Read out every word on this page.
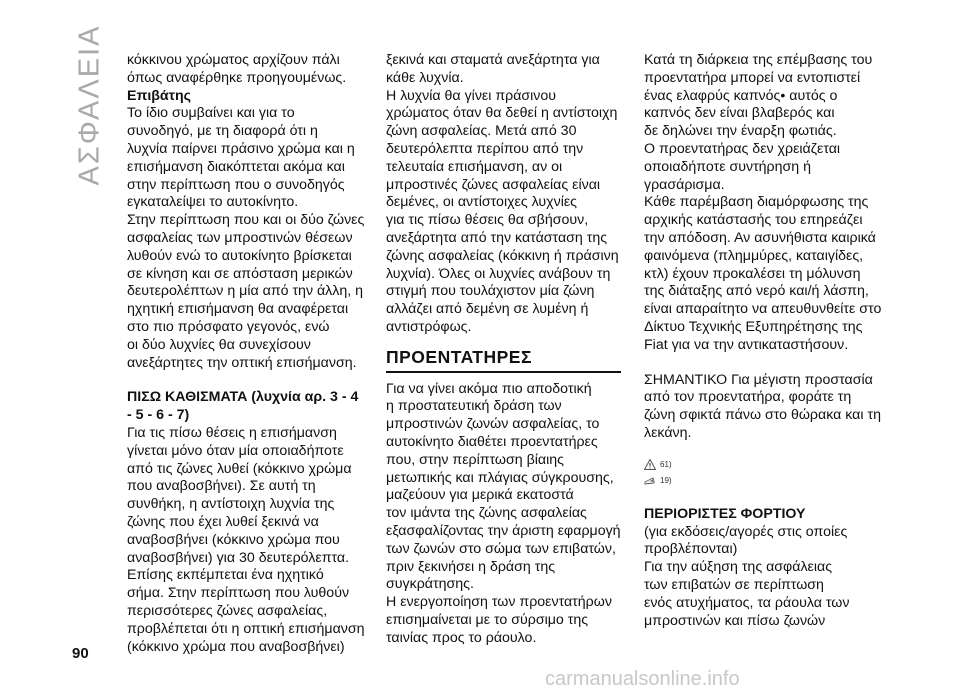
ΑΣΦΑΛΕΙΑ κόκκινου χρώματος αρχίζουν πάλι
όπως αναφέρθηκε προηγουμένως.

Επιβάτης

Το ίδιο συμβαίνει και για το
συνοδηγό, με τη διαφορά ότι η
λυχνία παίρνει πράσινο χρώμα και η
επισήμανση διακόπτεται ακόμα και
στην περίπτωση που ο συνοδηγός
εγκαταλείψει το αυτοκίνητο.
Στην περίπτωση που και οι δύο ζώνες
ασφαλείας των μπροστινών θέσεων
λυθούν ενώ το αυτοκίνητο βρίσκεται
σε κίνηση και σε απόσταση μερικών
δευτερολέπτων η μία από την άλλη, η
ηχητική επισήμανση θα αναφέρεται
στο πιο πρόσφατο γεγονός, ενώ
οι δύο λυχνίες θα συνεχίσουν
ανεξάρτητες την οπτική επισήμανση.

ΠΙΣΩ ΚΑΘΙΣΜΑΤΑ (λυχνία αρ. 3 - 4
- 5 - 6 - 7)

Για τις πίσω θέσεις η επισήμανση
γίνεται μόνο όταν μία οποιαδήποτε
από τις ζώνες λυθεί (κόκκινο χρώμα
που αναβοσβήνει). Σε αυτή τη
συνθήκη, η αντίστοιχη λυχνία της
ζώνης που έχει λυθεί ξεκινά να
αναβοσβήνει (κόκκινο χρώμα που
αναβοσβήνει) για 30 δευτερόλεπτα.
Επίσης εκπέμπεται ένα ηχητικό
σήμα. Στην περίπτωση που λυθούν
περισσότερες ζώνες ασφαλείας,
προβλέπεται ότι η οπτική επισήμανση
(κόκκινο χρώμα που αναβοσβήνει)

ξεκινά και σταματά ανεξάρτητα για
κάθε λυχνία.
Η λυχνία θα γίνει πράσινου
χρώματος όταν θα δεθεί η αντίστοιχη
ζώνη ασφαλείας. Μετά από 30
δευτερόλεπτα περίπου από την
τελευταία επισήμανση, αν οι
μπροστινές ζώνες ασφαλείας είναι
δεμένες, οι αντίστοιχες λυχνίες
για τις πίσω θέσεις θα σβήσουν,
ανεξάρτητα από την κατάσταση της
ζώνης ασφαλείας (κόκκινη ή πράσινη
λυχνία). Όλες οι λυχνίες ανάβουν τη
στιγμή που τουλάχιστον μία ζώνη
αλλάζει από δεμένη σε λυμένη ή
αντιστρόφως.

ΠΡΟΕΝΤΑΤΗΡΕΣ

Για να γίνει ακόμα πιο αποδοτική
η προστατευτική δράση των
μπροστινών ζωνών ασφαλείας, το
αυτοκίνητο διαθέτει προεντατήρες
που, στην περίπτωση βίαιης
μετωπικής και πλάγιας σύγκρουσης,
μαζεύουν για μερικά εκατοστά
τον ιμάντα της ζώνης ασφαλείας
εξασφαλίζοντας την άριστη εφαρμογή
των ζωνών στο σώμα των επιβατών,
πριν ξεκινήσει η δράση της
συγκράτησης.
Η ενεργοποίηση των προεντατήρων
επισημαίνεται με το σύρσιμο της
ταινίας προς το ράουλο.

Κατά τη διάρκεια της επέμβασης του
προεντατήρα μπορεί να εντοπιστεί
ένας ελαφρύς καπνός• αυτός ο
καπνός δεν είναι βλαβερός και
δε δηλώνει την έναρξη φωτιάς.
Ο προεντατήρας δεν χρειάζεται
οποιαδήποτε συντήρηση ή
γρασάρισμα.
Κάθε παρέμβαση διαμόρφωσης της
αρχικής κατάστασής του επηρεάζει
την απόδοση. Αν ασυνήθιστα καιρικά
φαινόμενα (πλημμύρες, καταιγίδες,
κτλ) έχουν προκαλέσει τη μόλυνση
της διάταξης από νερό και/ή λάσπη,
είναι απαραίτητο να απευθυνθείτε στο
Δίκτυο Τεχνικής Εξυπηρέτησης της
Fiat για να την αντικαταστήσουν.

ΣΗΜΑΝΤΙΚΟ Για μέγιστη προστασία
από τον προεντατήρα, φοράτε τη
ζώνη σφικτά πάνω στο θώρακα και τη
λεκάνη.

61)
19)

ΠΕΡΙΟΡΙΣΤΕΣ ΦΟΡΤΙΟΥ

(για εκδόσεις/αγορές στις οποίες
προβλέπονται)
Για την αύξηση της ασφάλειας
των επιβατών σε περίπτωση
ενός ατυχήματος, τα ράουλα των
μπροστινών και πίσω ζωνών

90
carmanualsonline.info
